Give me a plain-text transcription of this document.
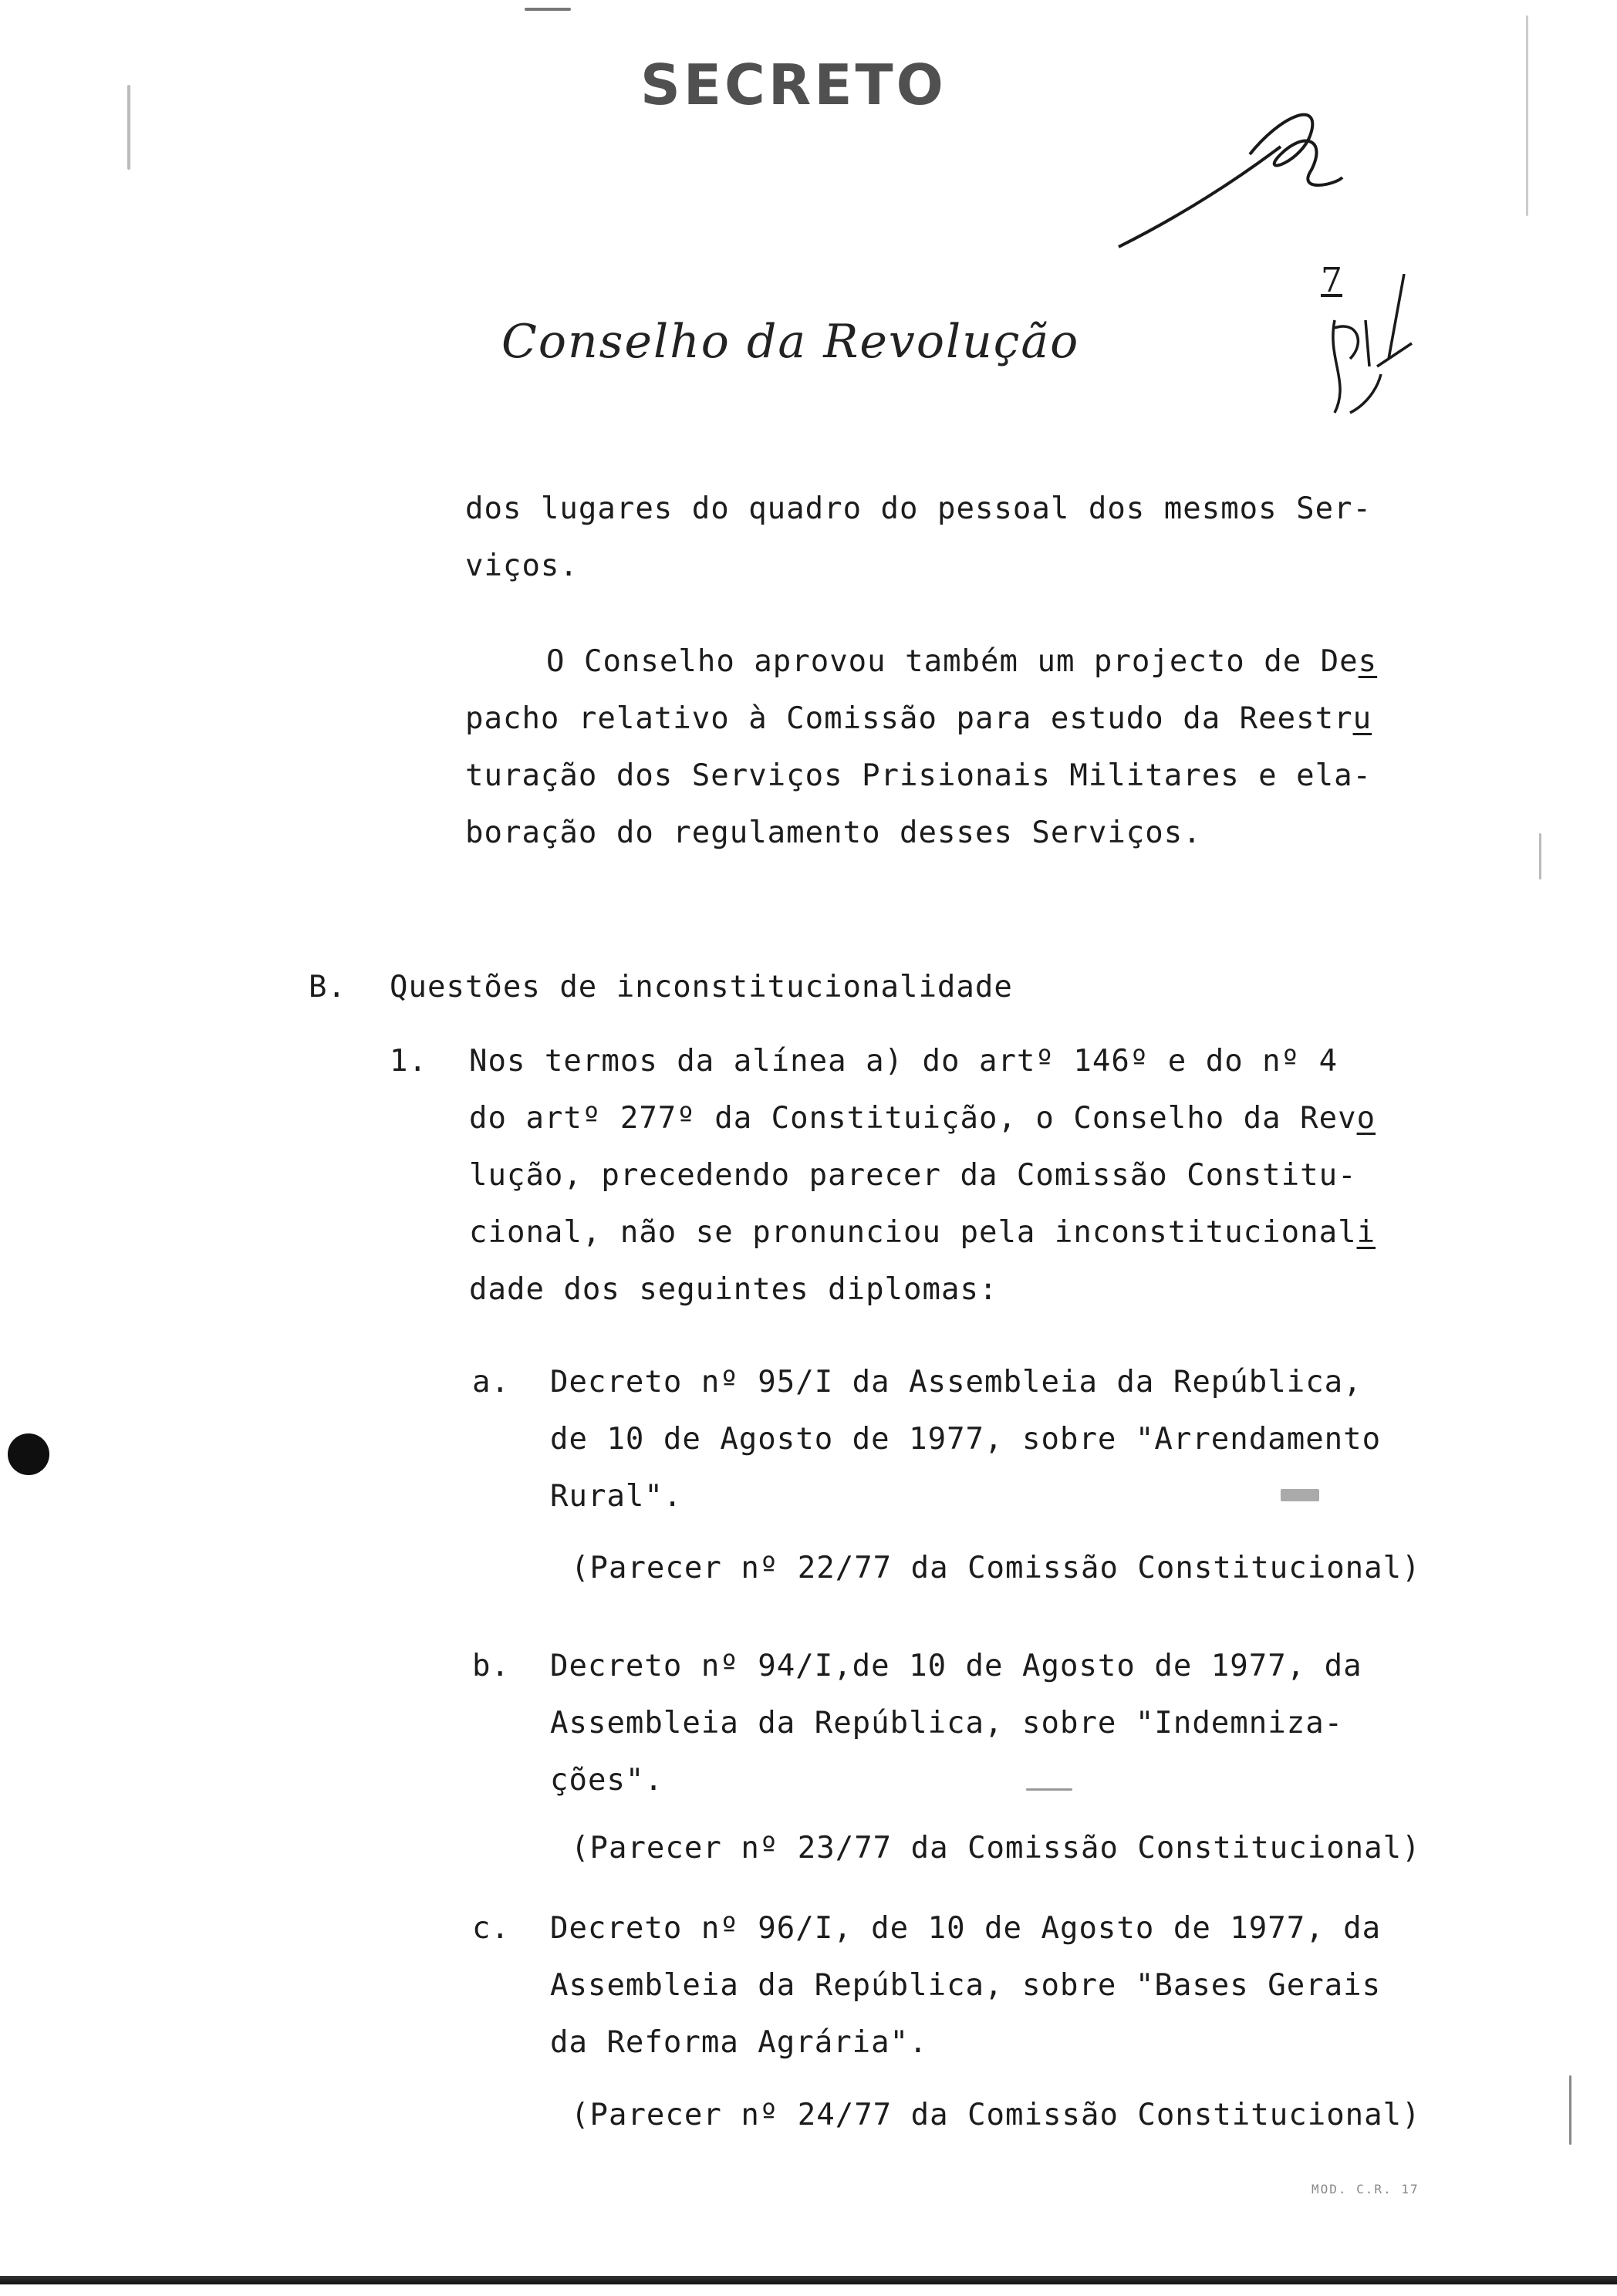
SECRETO
Conselho da Revolução
7
dos lugares do quadro do pessoal dos mesmos Ser-
viços.
O Conselho aprovou também um projecto de Des
pacho relativo à Comissão para estudo da Reestru
turação dos Serviços Prisionais Militares e ela-
boração do regulamento desses Serviços.
B. Questões de inconstitucionalidade
1. Nos termos da alínea a) do artº 146º e do nº 4
do artº 277º da Constituição, o Conselho da Revo
lução, precedendo parecer da Comissão Constitu-
cional, não se pronunciou pela inconstitucionali
dade dos seguintes diplomas:
a. Decreto nº 95/I da Assembleia da República,
de 10 de Agosto de 1977, sobre "Arrendamento
Rural".
(Parecer nº 22/77 da Comissão Constitucional)
b. Decreto nº 94/I,de 10 de Agosto de 1977, da
Assembleia da República, sobre "Indemniza-
ções".
(Parecer nº 23/77 da Comissão Constitucional)
c. Decreto nº 96/I, de 10 de Agosto de 1977, da
Assembleia da República, sobre "Bases Gerais
da Reforma Agrária".
(Parecer nº 24/77 da Comissão Constitucional)
MOD. C.R. 17
